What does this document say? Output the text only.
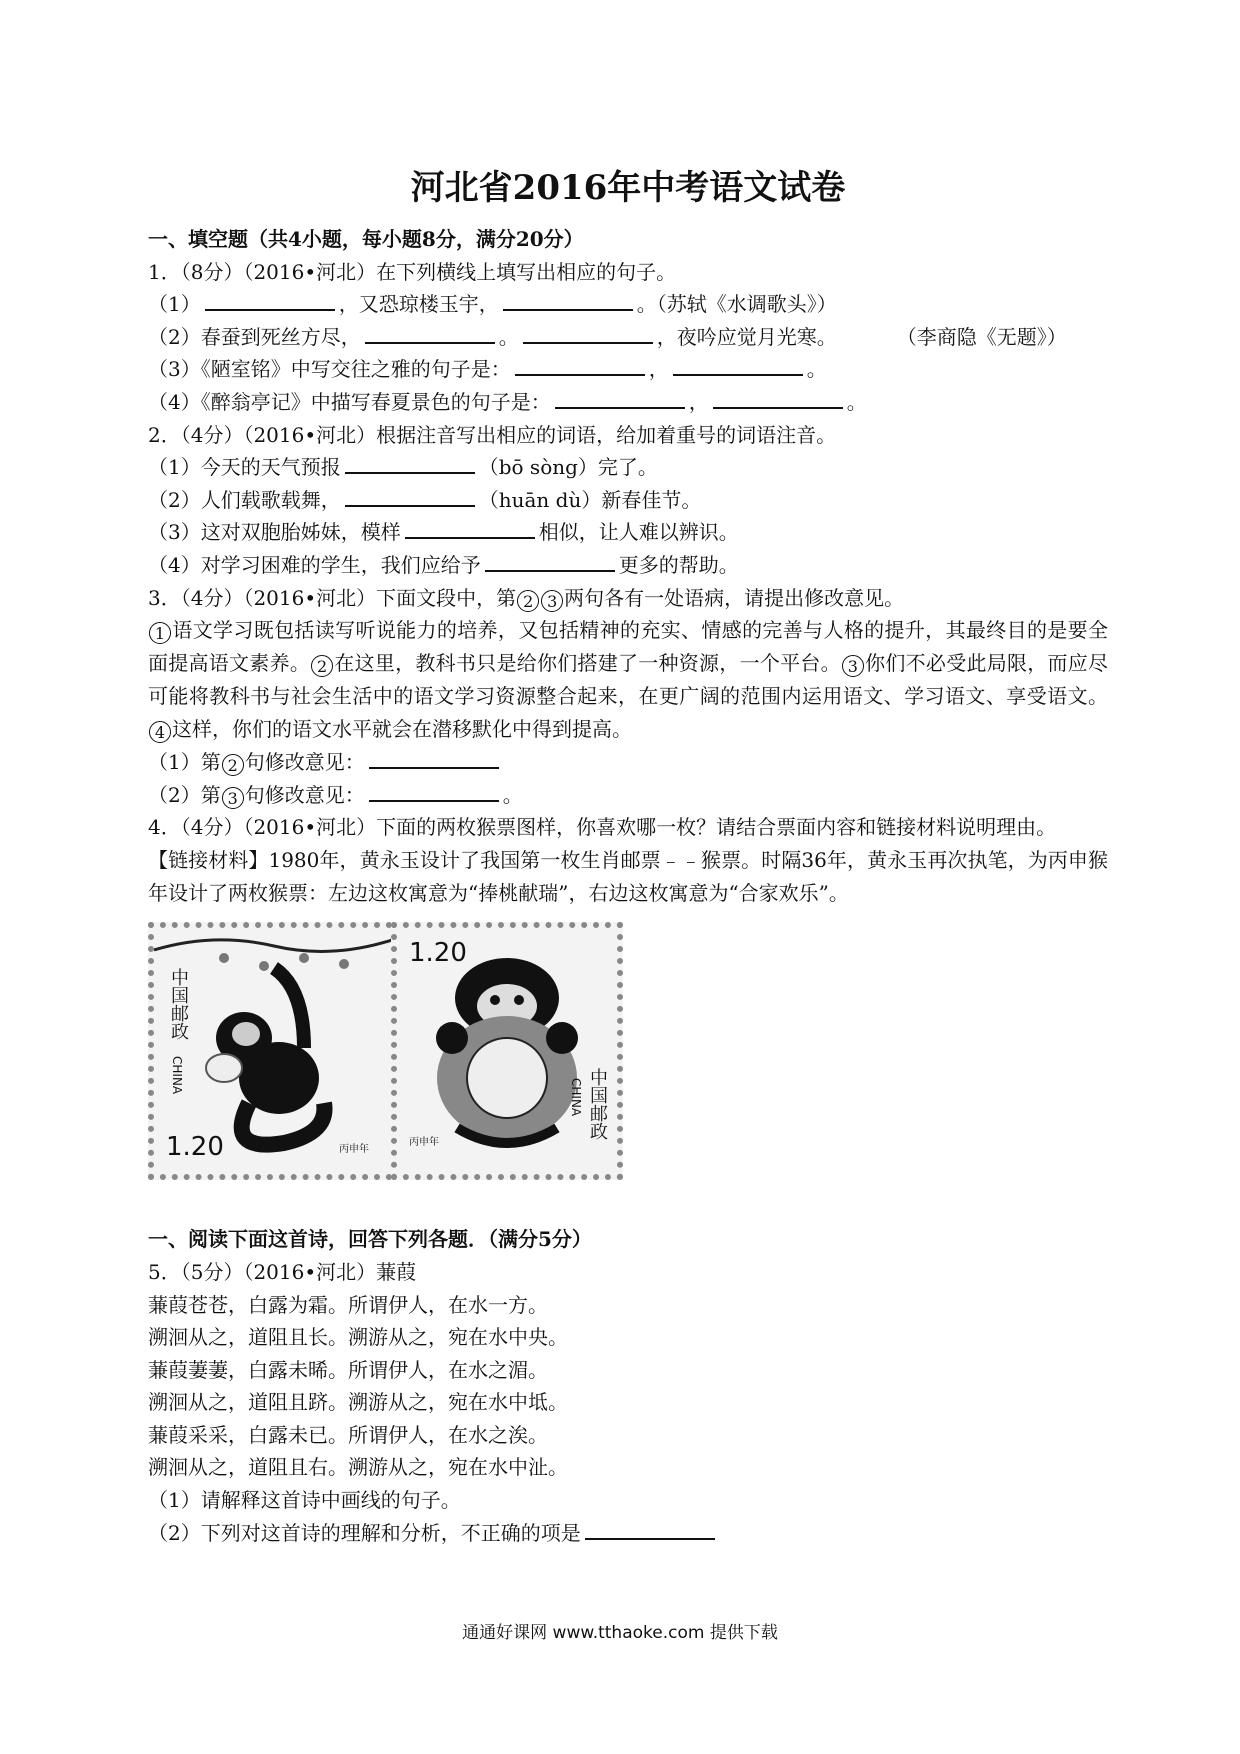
河北省2016年中考语文试卷
一、填空题（共4小题，每小题8分，满分20分）
1．（8分）（2016•河北）在下列横线上填写出相应的句子。
（1）	，又恐琼楼玉宇，	。（苏轼《水调歌头》）
（2）春蚕到死丝方尽，	。	，夜吟应觉月光寒。	（李商隐《无题》）
（3）《陋室铭》中写交往之雅的句子是：	，	。
（4）《醉翁亭记》中描写春夏景色的句子是：	，	。
2．（4分）（2016•河北）根据注音写出相应的词语，给加着重号的词语注音。
（1）今天的天气预报	（bō sòng）完了。
（2）人们载歌载舞，	（huān dù）新春佳节。
（3）这对双胞胎姊妹，模样	相似，让人难以辨识。
（4）对学习困难的学生，我们应给予	更多的帮助。
3．（4分）（2016•河北）下面文段中，第 2 3 两句各有一处语病，请提出修改意见。
1 语文学习既包括读写听说能力的培养，又包括精神的充实、情感的完善与人格的提升，其最终目的是要全面提高语文素养。 2 在这里，教科书只是给你们搭建了一种资源，一个平台。 3 你们不必受此局限，而应尽可能将教科书与社会生活中的语文学习资源整合起来，在更广阔的范围内运用语文、学习语文、享受语文。4 这样，你们的语文水平就会在潜移默化中得到提高。
（1）第 2 句修改意见：
（2）第 3 句修改意见：	。
4．（4分）（2016•河北）下面的两枚猴票图样，你喜欢哪一枚？请结合票面内容和链接材料说明理由。
【链接材料】1980年，黄永玉设计了我国第一枚生肖邮票﹣﹣猴票。时隔36年，黄永玉再次执笔，为丙申猴年设计了两枚猴票：左边这枚寓意为“捧桃献瑞”，右边这枚寓意为“合家欢乐”。
中国邮政
CHINA
1.20	丙申年
1.20
中国邮政
CHINA
丙申年
一、阅读下面这首诗，回答下列各题．（满分5分）
5．（5分）（2016•河北）蒹葭
蒹葭苍苍，白露为霜。所谓伊人，在水一方。
溯洄从之，道阻且长。溯游从之，宛在水中央。
蒹葭萋萋，白露未晞。所谓伊人，在水之湄。
溯洄从之，道阻且跻。溯游从之，宛在水中坻。
蒹葭采采，白露未已。所谓伊人，在水之涘。
溯洄从之，道阻且右。溯游从之，宛在水中沚。
（1）请解释这首诗中画线的句子。
（2）下列对这首诗的理解和分析，不正确的项是
通通好课网 www.tthaoke.com 提供下载
